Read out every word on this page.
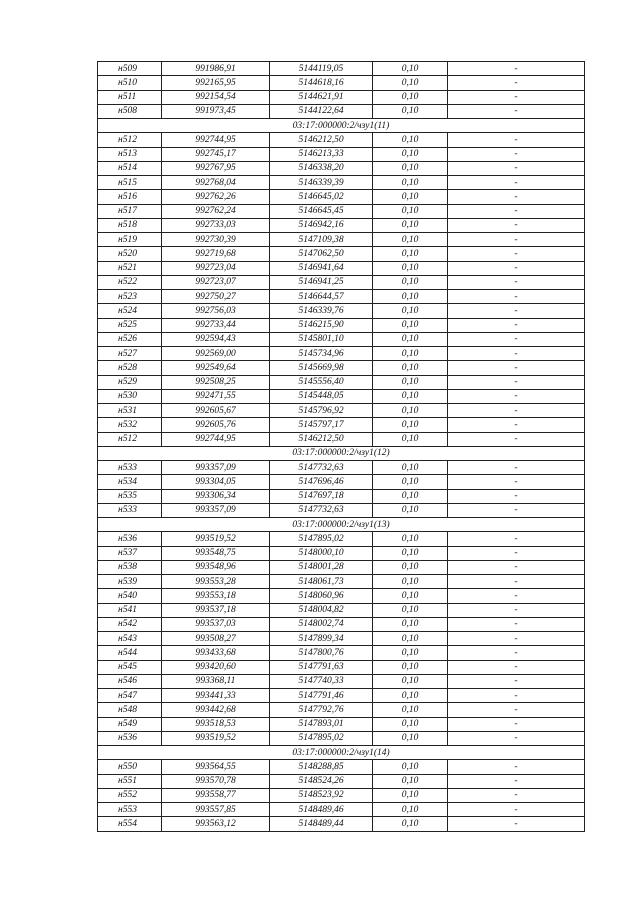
н509	991986,91	5144119,05	0,10	-
н510	992165,95	5144618,16	0,10	-
н511	992154,54	5144621,91	0,10	-
н508	991973,45	5144122,64	0,10	-
03:17:000000:2/чзу1(11)				
н512	992744,95	5146212,50	0,10	-
н513	992745,17	5146213,33	0,10	-
н514	992767,95	5146338,20	0,10	-
н515	992768,04	5146339,39	0,10	-
н516	992762,26	5146645,02	0,10	-
н517	992762,24	5146645,45	0,10	-
н518	992733,03	5146942,16	0,10	-
н519	992730,39	5147109,38	0,10	-
н520	992719,68	5147062,50	0,10	-
н521	992723,04	5146941,64	0,10	-
н522	992723,07	5146941,25	0,10	-
н523	992750,27	5146644,57	0,10	-
н524	992756,03	5146339,76	0,10	-
н525	992733,44	5146215,90	0,10	-
н526	992594,43	5145801,10	0,10	-
н527	992569,00	5145734,96	0,10	-
н528	992549,64	5145669,98	0,10	-
н529	992508,25	5145556,40	0,10	-
н530	992471,55	5145448,05	0,10	-
н531	992605,67	5145796,92	0,10	-
н532	992605,76	5145797,17	0,10	-
н512	992744,95	5146212,50	0,10	-
03:17:000000:2/чзу1(12)				
н533	993357,09	5147732,63	0,10	-
н534	993304,05	5147696,46	0,10	-
н535	993306,34	5147697,18	0,10	-
н533	993357,09	5147732,63	0,10	-
03:17:000000:2/чзу1(13)				
н536	993519,52	5147895,02	0,10	-
н537	993548,75	5148000,10	0,10	-
н538	993548,96	5148001,28	0,10	-
н539	993553,28	5148061,73	0,10	-
н540	993553,18	5148060,96	0,10	-
н541	993537,18	5148004,82	0,10	-
н542	993537,03	5148002,74	0,10	-
н543	993508,27	5147899,34	0,10	-
н544	993433,68	5147800,76	0,10	-
н545	993420,60	5147791,63	0,10	-
н546	993368,11	5147740,33	0,10	-
н547	993441,33	5147791,46	0,10	-
н548	993442,68	5147792,76	0,10	-
н549	993518,53	5147893,01	0,10	-
н536	993519,52	5147895,02	0,10	-
03:17:000000:2/чзу1(14)				
н550	993564,55	5148288,85	0,10	-
н551	993570,78	5148524,26	0,10	-
н552	993558,77	5148523,92	0,10	-
н553	993557,85	5148489,46	0,10	-
н554	993563,12	5148489,44	0,10	-
